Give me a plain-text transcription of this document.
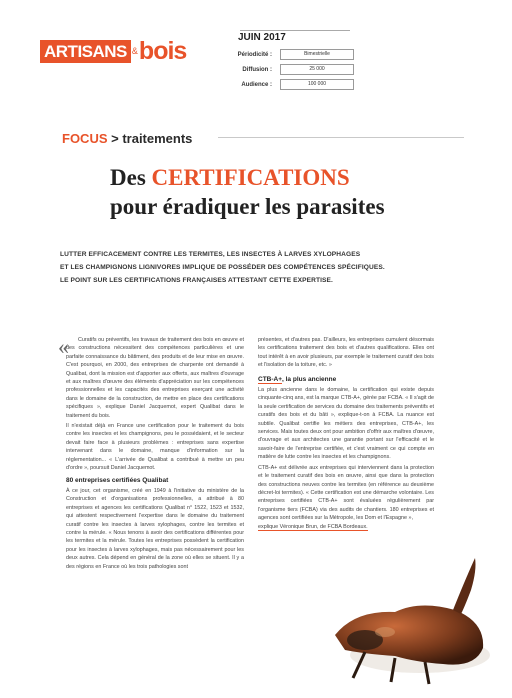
ARTISANS & bois	JUIN 2017
Périodicité :	Bimestrielle
Diffusion :	25 000
Audience :	100 000
FOCUS > traitements
Des CERTIFICATIONS
pour éradiquer les parasites
LUTTER EFFICACEMENT CONTRE LES TERMITES, LES INSECTES À LARVES XYLOPHAGES
ET LES CHAMPIGNONS LIGNIVORES IMPLIQUE DE POSSÉDER DES COMPÉTENCES SPÉCIFIQUES.
LE POINT SUR LES CERTIFICATIONS FRANÇAISES ATTESTANT CETTE EXPERTISE.
«	Curatifs ou préventifs, les travaux de traitement des bois en œuvre et des constructions nécessitent des compétences particulières et une parfaite connaissance du bâtiment, des produits et de leur mise en œuvre. C'est pourquoi, en 2000, des entreprises de charpente ont demandé à Qualibat, dont la mission est d'apporter aux offerts, aux maîtres d'ouvrage et aux maîtres d'œuvre des éléments d'appréciation sur les compétences professionnelles et les capacités des entreprises exerçant une activité dans le domaine de la construction, de mettre en place des certifications spécifiques », explique Daniel Jacquemot, expert Qualibat dans le traitement du bois.

Il n'existait déjà en France une certification pour le traitement du bois contre les insectes et les champignons, peu le possédaient, et le secteur devait faire face à plusieurs problèmes : entreprises sans expertise intervenant dans le domaine, manque d'information sur la réglementation... « L'arrivée de Qualibat a contribué à mettre un peu d'ordre », poursuit Daniel Jacquemot.

80 entreprises certifiées Qualibat

À ce jour, cet organisme, créé en 1949 à l'initiative du ministère de la Construction et d'organisations professionnelles, a attribué à 80 entreprises et agences les certifications Qualibat n° 1522, 1523 et 1532, qui attestent respectivement l'expertise dans le domaine du traitement curatif contre les insectes à larves xylophages, contre les termites et contre la mérule. « Nous tenons à avoir des certifications différentes pour les termites et la mérule. Toutes les entreprises possèdent la certification pour les insectes à larves xylophages, mais pas nécessairement pour les deux autres. Cela dépend en général de la zone où elles se situent. Il y a des régions en France où les trois pathologies sont

présentes, et d'autres pas. D'ailleurs, les entreprises cumulent désormais les certifications traitement des bois et d'autres qualifications. Elles ont tout intérêt à en avoir plusieurs, par exemple le traitement curatif des bois et l'isolation de la toiture, etc. »

CTB-A+, la plus ancienne

La plus ancienne dans le domaine, la certification qui existe depuis cinquante-cinq ans, est la marque CTB-A+, gérée par FCBA. « Il s'agit de la seule certification de services du domaine des traitements préventifs et curatifs des bois et du bâti », explique-t-on à FCBA. La nuance est subtile. Qualibat certifie les métiers des entreprises, CTB-A+, les services. Mais toutes deux ont pour ambition d'offrir aux maîtres d'œuvre, d'ouvrage et aux architectes une garantie portant sur l'efficacité et le savoir-faire de l'entreprise certifiée, et c'est vraiment ce qui compte en matière de lutte contre les insectes et les champignons.

CTB-A+ est délivrée aux entreprises qui interviennent dans la protection et le traitement curatif des bois en œuvre, ainsi que dans la protection des constructions neuves contre les termites (en référence au deuxième décret-loi termites). « Cette certification est une démarche volontaire. Les entreprises certifiées CTB-A+ sont évaluées régulièrement par l'organisme tiers (FCBA) via des audits de chantiers. 180 entreprises et agences sont certifiées sur la Métropole, les Dom et l'Espagne »,

explique Véronique Brun, de FCBA Bordeaux.
